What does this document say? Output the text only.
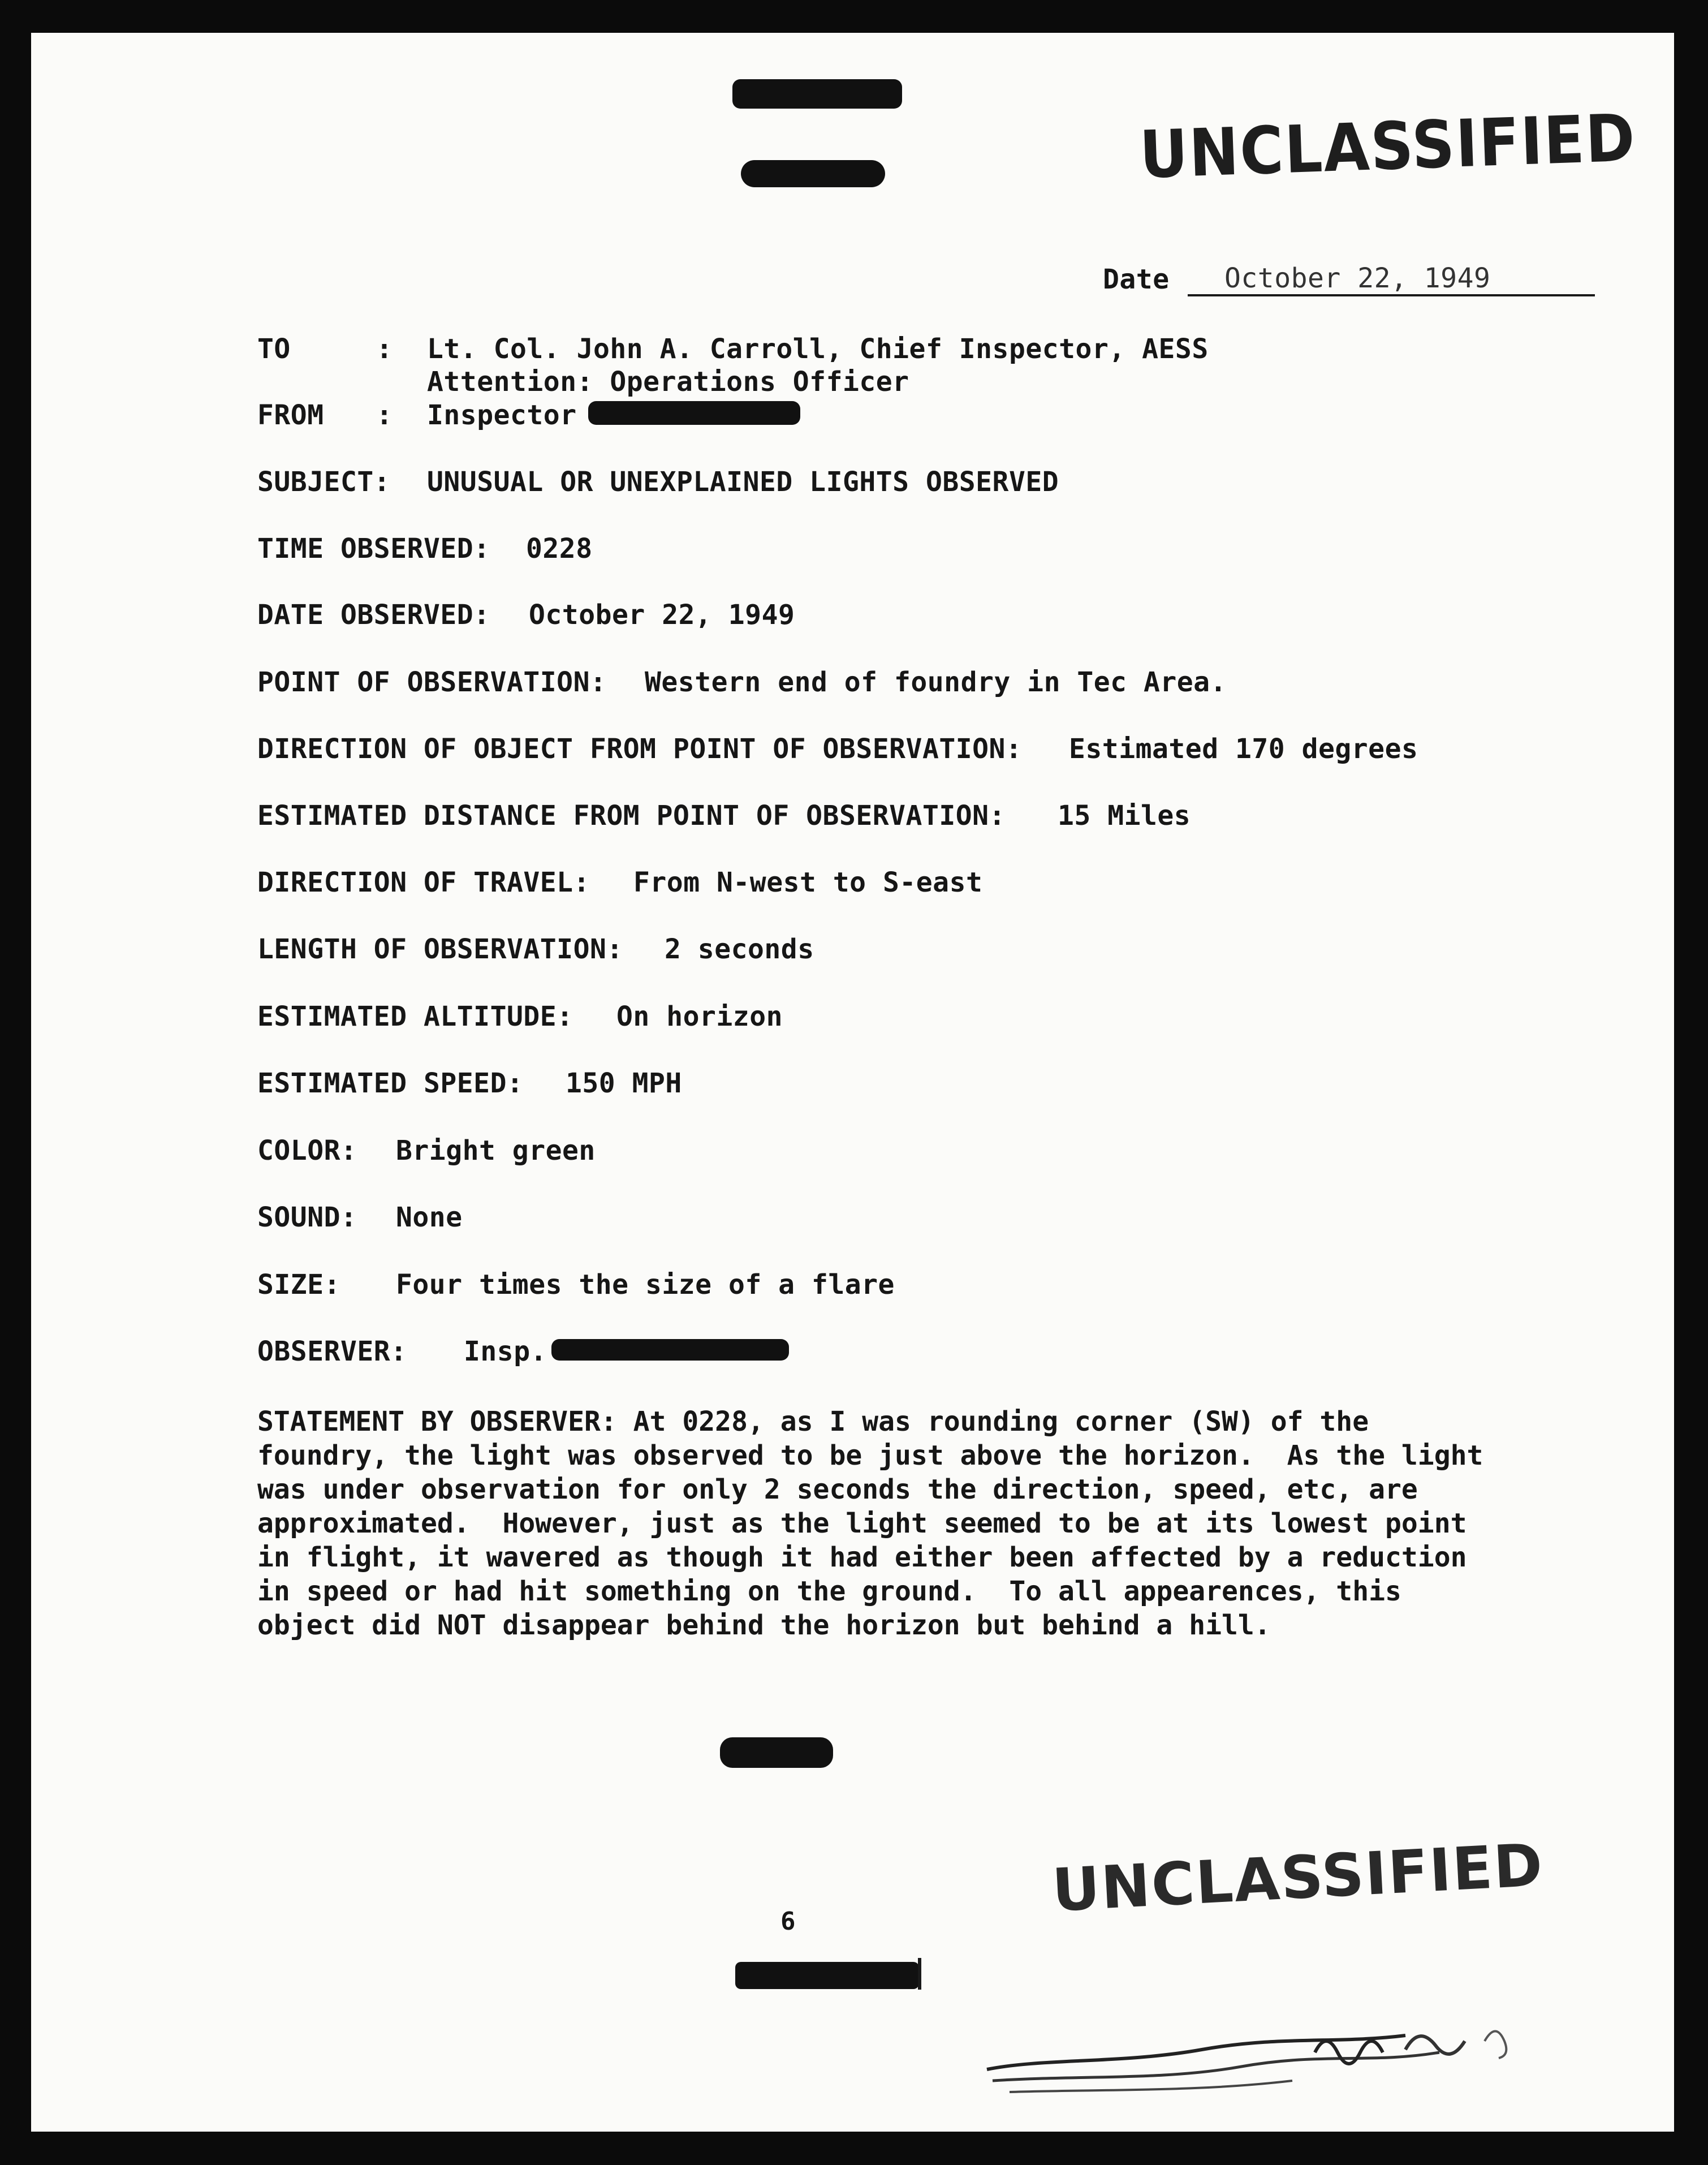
UNCLASSIFIED
Date October 22, 1949
TO	: Lt. Col. John A. Carroll, Chief Inspector, AESS
Attention: Operations Officer
FROM : Inspector
SUBJECT: UNUSUAL OR UNEXPLAINED LIGHTS OBSERVED
TIME OBSERVED: 0228
DATE OBSERVED: October 22, 1949
POINT OF OBSERVATION: Western end of foundry in Tec Area.
DIRECTION OF OBJECT FROM POINT OF OBSERVATION: Estimated 170 degrees
ESTIMATED DISTANCE FROM POINT OF OBSERVATION: 15 Miles
DIRECTION OF TRAVEL: From N-west to S-east
LENGTH OF OBSERVATION: 2 seconds
ESTIMATED ALTITUDE: On horizon
ESTIMATED SPEED: 150 MPH
COLOR: Bright green
SOUND: None
SIZE: Four times the size of a flare
OBSERVER: Insp.
STATEMENT BY OBSERVER: At 0228, as I was rounding corner (SW) of the
foundry, the light was observed to be just above the horizon.  As the light
was under observation for only 2 seconds the direction, speed, etc, are
approximated.  However, just as the light seemed to be at its lowest point
in flight, it wavered as though it had either been affected by a reduction
in speed or had hit something on the ground.  To all appearences, this
object did NOT disappear behind the horizon but behind a hill.
6	UNCLASSIFIED
